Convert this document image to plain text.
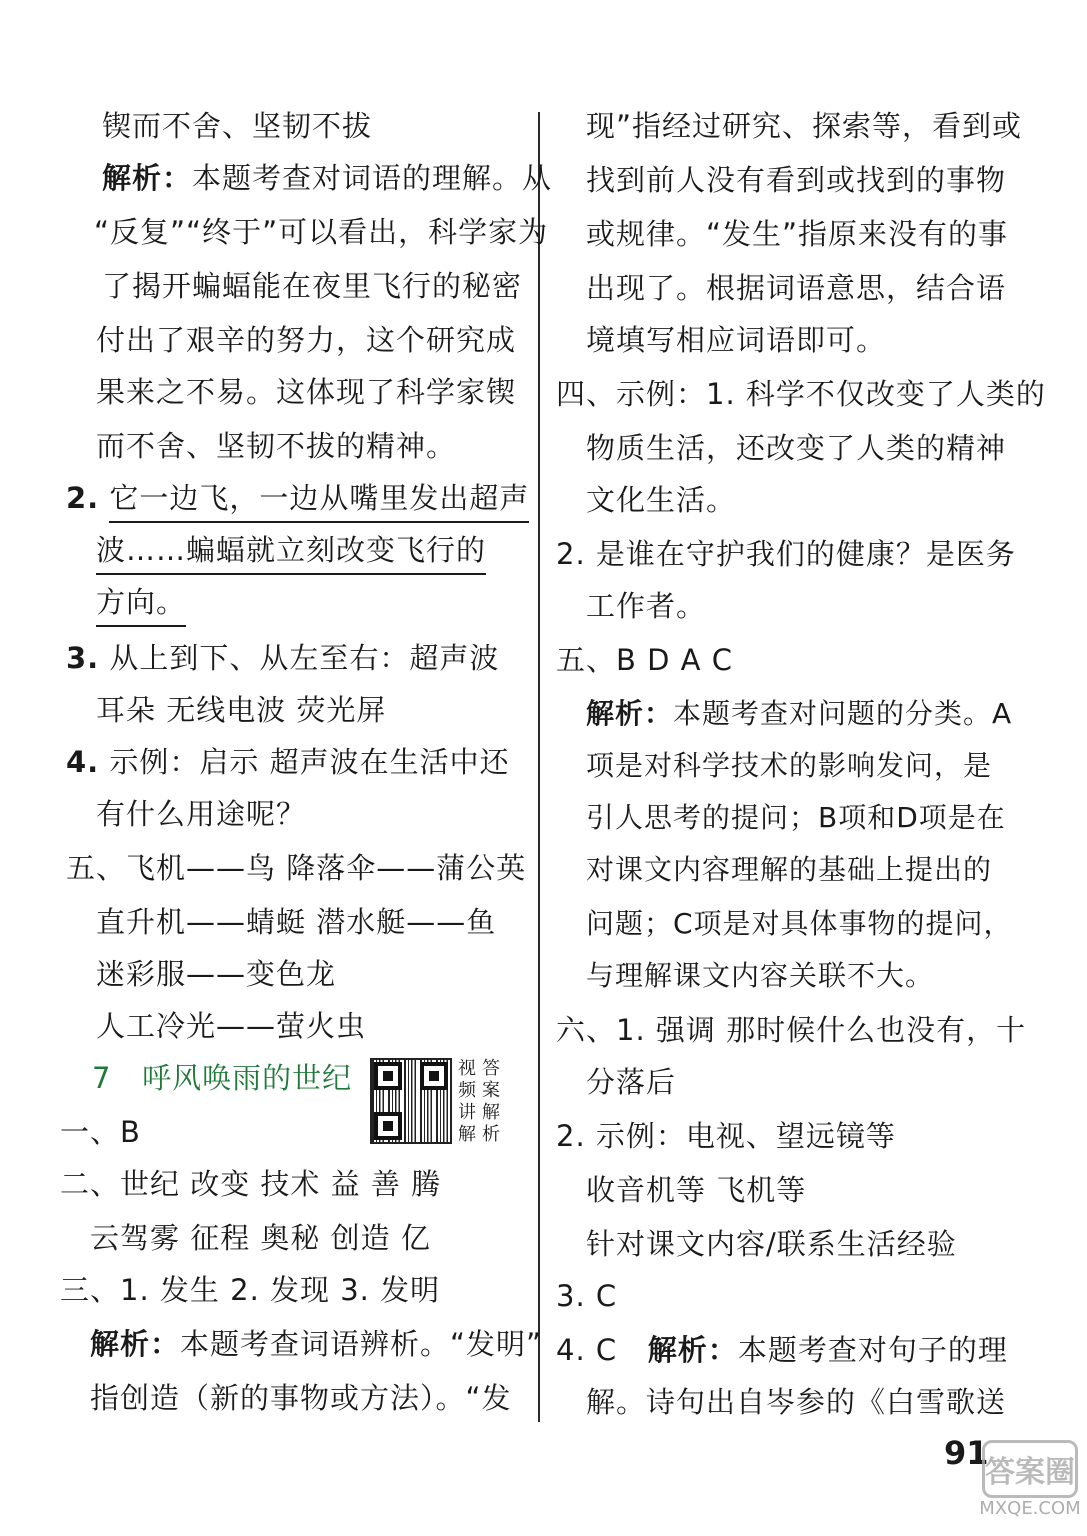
锲而不舍、坚韧不拔
解析：本题考查对词语的理解。从
“反复”“终于”可以看出，科学家为
了揭开蝙蝠能在夜里飞行的秘密
付出了艰辛的努力，这个研究成
果来之不易。这体现了科学家锲
而不舍、坚韧不拔的精神。
2. 它一边飞，一边从嘴里发出超声
波……蝙蝠就立刻改变飞行的
方向。
3. 从上到下、从左至右：超声波
耳朵 无线电波 荧光屏
4. 示例：启示 超声波在生活中还
有什么用途呢？
五、飞机——鸟 降落伞——蒲公英
直升机——蜻蜓 潜水艇——鱼
迷彩服——变色龙
人工冷光——萤火虫
7 呼风唤雨的世纪	视频讲解
答案解析
一、B
二、世纪 改变 技术 益 善 腾
云驾雾 征程 奥秘 创造 亿
三、1. 发生 2. 发现 3. 发明
解析：本题考查词语辨析。“发明”
指创造（新的事物或方法）。“发
现”指经过研究、探索等，看到或
找到前人没有看到或找到的事物
或规律。“发生”指原来没有的事
出现了。根据词语意思，结合语
境填写相应词语即可。
四、示例：1. 科学不仅改变了人类的
物质生活，还改变了人类的精神
文化生活。
2. 是谁在守护我们的健康？是医务
工作者。
五、B D A C
解析：本题考查对问题的分类。A
项是对科学技术的影响发问，是
引人思考的提问；B项和D项是在
对课文内容理解的基础上提出的
问题；C项是对具体事物的提问，
与理解课文内容关联不大。
六、1. 强调 那时候什么也没有，十
分落后
2. 示例：电视、望远镜等
收音机等 飞机等
针对课文内容/联系生活经验
3. C
4. C 解析：本题考查对句子的理
解。诗句出自岑参的《白雪歌送
91
答案圈
MXQE.COM
